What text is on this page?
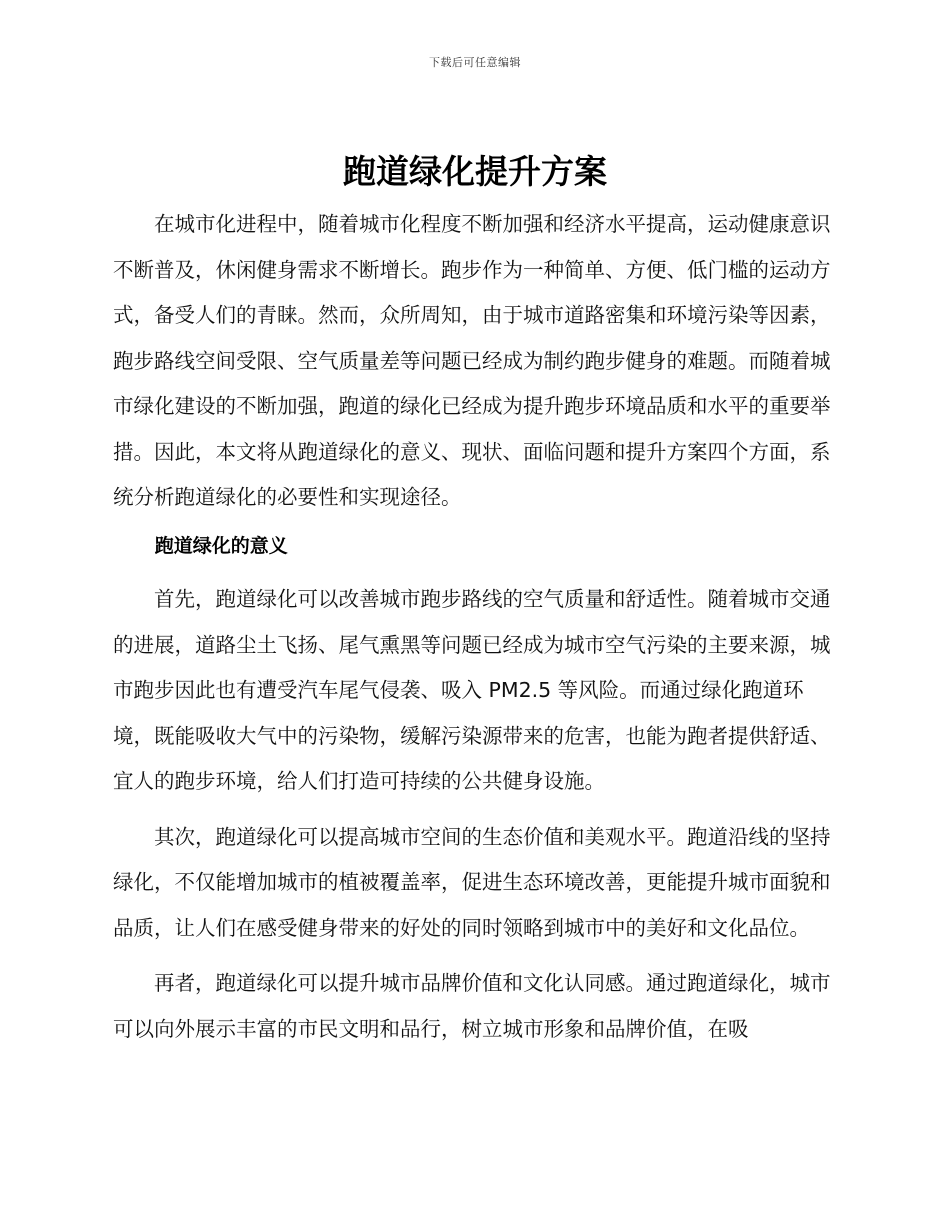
下载后可任意编辑
跑道绿化提升方案

在城市化进程中，随着城市化程度不断加强和经济水平提高，运动健康意识不断普及，休闲健身需求不断增长。跑步作为一种简单、方便、低门槛的运动方式，备受人们的青睐。然而，众所周知，由于城市道路密集和环境污染等因素，跑步路线空间受限、空气质量差等问题已经成为制约跑步健身的难题。而随着城市绿化建设的不断加强，跑道的绿化已经成为提升跑步环境品质和水平的重要举措。因此，本文将从跑道绿化的意义、现状、面临问题和提升方案四个方面，系统分析跑道绿化的必要性和实现途径。

跑道绿化的意义

首先，跑道绿化可以改善城市跑步路线的空气质量和舒适性。随着城市交通的进展，道路尘土飞扬、尾气熏黑等问题已经成为城市空气污染的主要来源，城市跑步因此也有遭受汽车尾气侵袭、吸入 PM2.5 等风险。而通过绿化跑道环境，既能吸收大气中的污染物，缓解污染源带来的危害，也能为跑者提供舒适、宜人的跑步环境，给人们打造可持续的公共健身设施。

其次，跑道绿化可以提高城市空间的生态价值和美观水平。跑道沿线的坚持绿化，不仅能增加城市的植被覆盖率，促进生态环境改善，更能提升城市面貌和品质，让人们在感受健身带来的好处的同时领略到城市中的美好和文化品位。

再者，跑道绿化可以提升城市品牌价值和文化认同感。通过跑道绿化，城市可以向外展示丰富的市民文明和品行，树立城市形象和品牌价值，在吸
